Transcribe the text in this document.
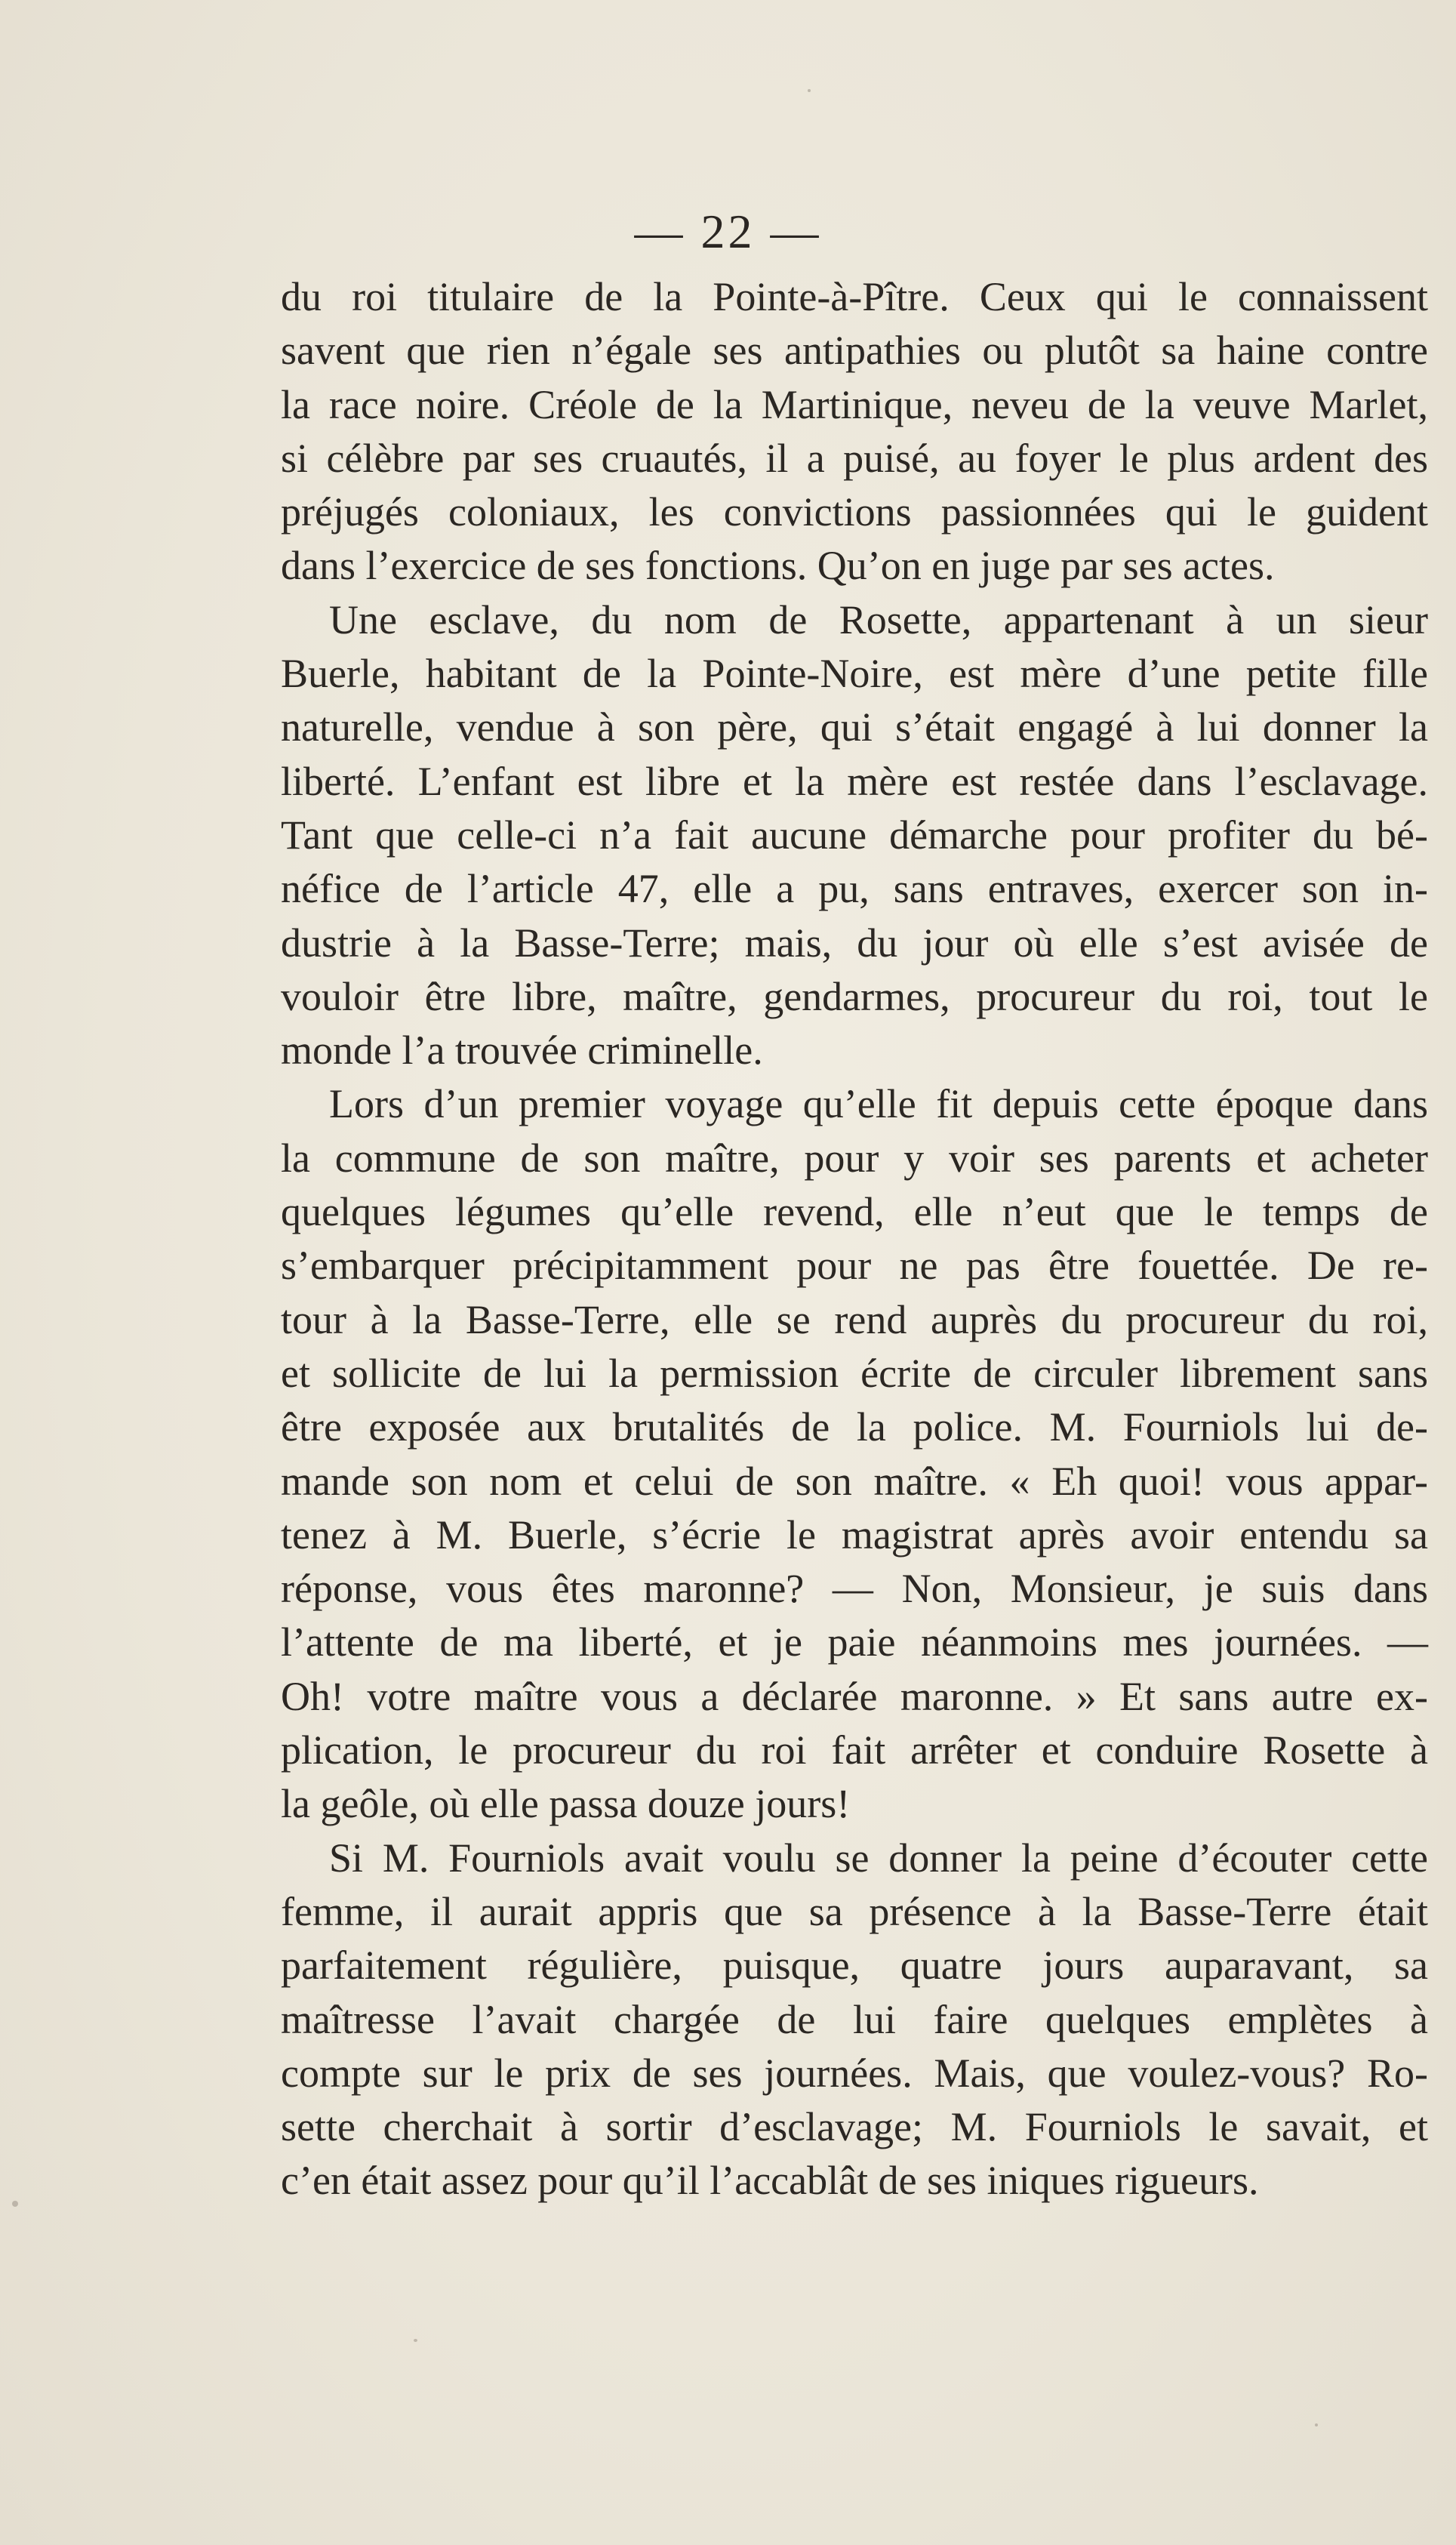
— 22 —
du roi titulaire de la Pointe-à-Pître. Ceux qui le connaissent
savent que rien n’égale ses antipathies ou plutôt sa haine contre
la race noire. Créole de la Martinique, neveu de la veuve Marlet,
si célèbre par ses cruautés, il a puisé, au foyer le plus ardent des
préjugés coloniaux, les convictions passionnées qui le guident
dans l’exercice de ses fonctions. Qu’on en juge par ses actes.
Une esclave, du nom de Rosette, appartenant à un sieur
Buerle, habitant de la Pointe-Noire, est mère d’une petite fille
naturelle, vendue à son père, qui s’était engagé à lui donner la
liberté. L’enfant est libre et la mère est restée dans l’esclavage.
Tant que celle-ci n’a fait aucune démarche pour profiter du bé-
néfice de l’article 47, elle a pu, sans entraves, exercer son in-
dustrie à la Basse-Terre; mais, du jour où elle s’est avisée de
vouloir être libre, maître, gendarmes, procureur du roi, tout le
monde l’a trouvée criminelle.
Lors d’un premier voyage qu’elle fit depuis cette époque dans
la commune de son maître, pour y voir ses parents et acheter
quelques légumes qu’elle revend, elle n’eut que le temps de
s’embarquer précipitamment pour ne pas être fouettée. De re-
tour à la Basse-Terre, elle se rend auprès du procureur du roi,
et sollicite de lui la permission écrite de circuler librement sans
être exposée aux brutalités de la police. M. Fourniols lui de-
mande son nom et celui de son maître. « Eh quoi! vous appar-
tenez à M. Buerle, s’écrie le magistrat après avoir entendu sa
réponse, vous êtes maronne? — Non, Monsieur, je suis dans
l’attente de ma liberté, et je paie néanmoins mes journées. —
Oh! votre maître vous a déclarée maronne. » Et sans autre ex-
plication, le procureur du roi fait arrêter et conduire Rosette à
la geôle, où elle passa douze jours!
Si M. Fourniols avait voulu se donner la peine d’écouter cette
femme, il aurait appris que sa présence à la Basse-Terre était
parfaitement régulière, puisque, quatre jours auparavant, sa
maîtresse l’avait chargée de lui faire quelques emplètes à
compte sur le prix de ses journées. Mais, que voulez-vous? Ro-
sette cherchait à sortir d’esclavage; M. Fourniols le savait, et
c’en était assez pour qu’il l’accablât de ses iniques rigueurs.
